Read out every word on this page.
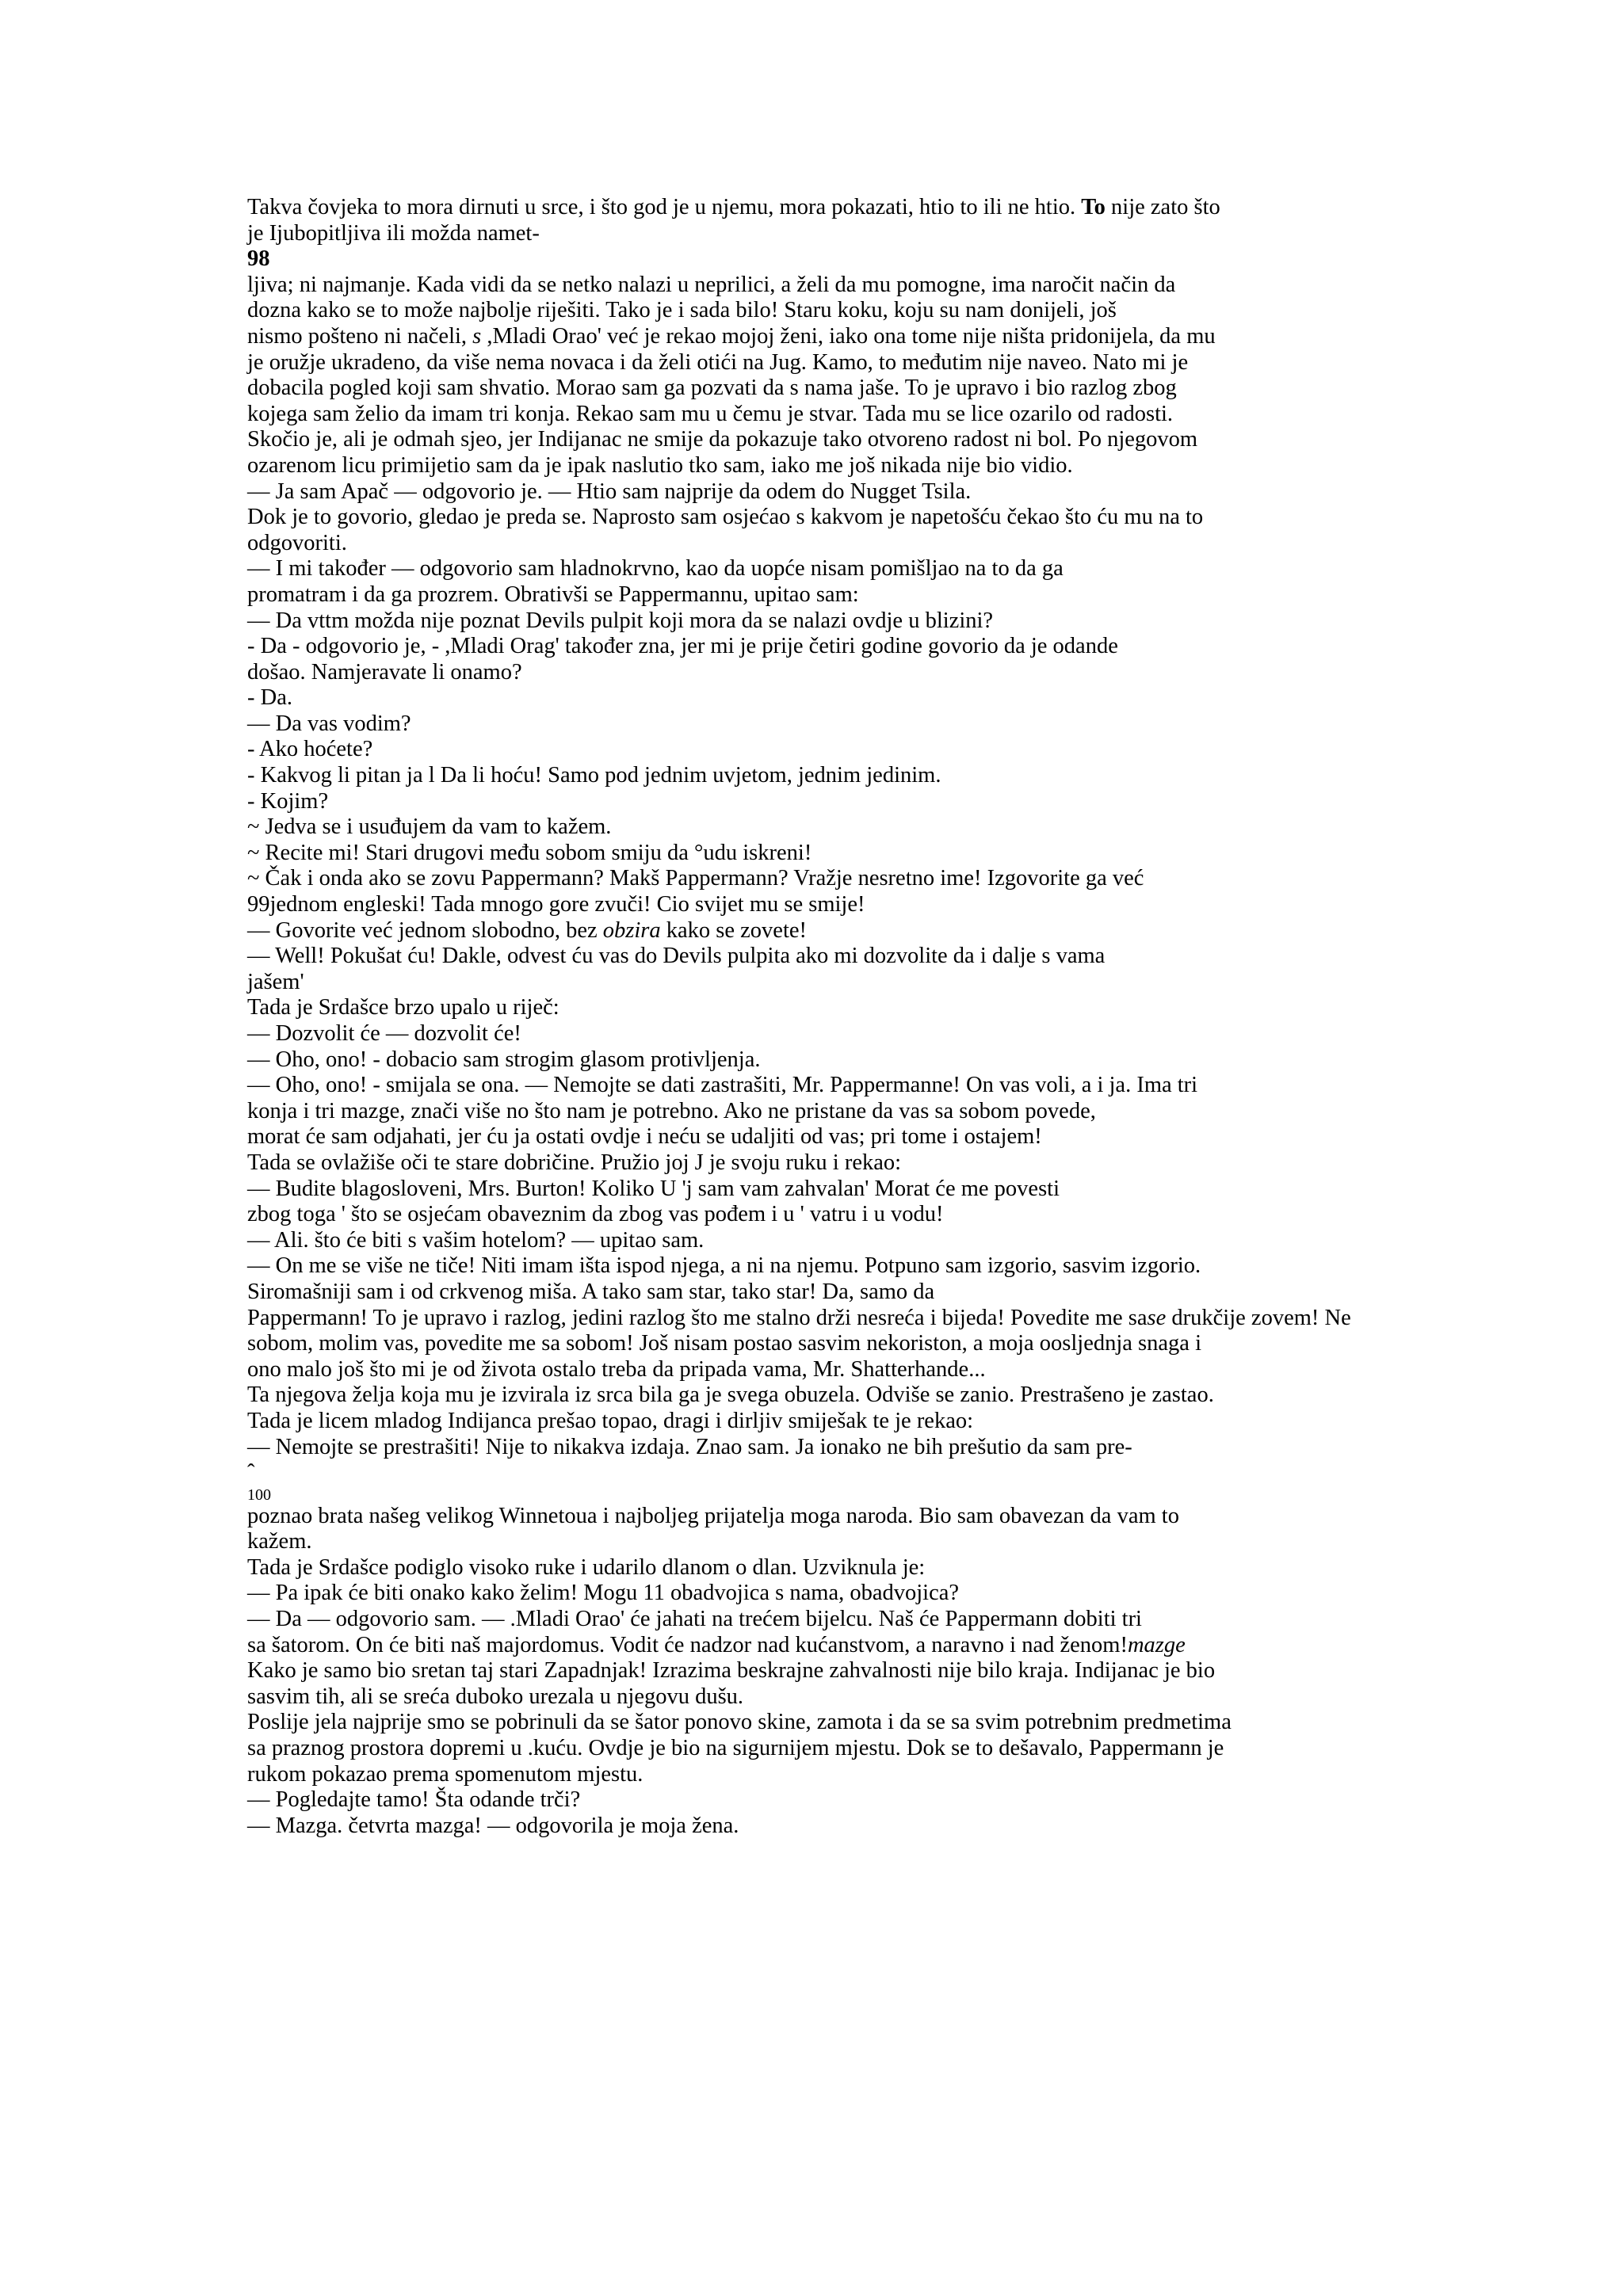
Takva čovjeka to mora dirnuti u srce, i što god je u njemu, mora pokazati, htio to ili ne htio. To nije zato što
je Ijubopitljiva ili možda namet-
98
ljiva; ni najmanje. Kada vidi da se netko nalazi u neprilici, a želi da mu pomogne, ima naročit način da
dozna kako se to može najbolje riješiti. Tako je i sada bilo! Staru koku, koju su nam donijeli, još
nismo pošteno ni načeli, s ,Mladi Orao' već je rekao mojoj ženi, iako ona tome nije ništa pridonijela, da mu
je oružje ukradeno, da više nema novaca i da želi otići na Jug. Kamo, to međutim nije naveo. Nato mi je
dobacila pogled koji sam shvatio. Morao sam ga pozvati da s nama jaše. To je upravo i bio razlog zbog
kojega sam želio da imam tri konja. Rekao sam mu u čemu je stvar. Tada mu se lice ozarilo od radosti.
Skočio je, ali je odmah sjeo, jer Indijanac ne smije da pokazuje tako otvoreno radost ni bol. Po njegovom
ozarenom licu primijetio sam da je ipak naslutio tko sam, iako me još nikada nije bio vidio.
— Ja sam Apač — odgovorio je. — Htio sam najprije da odem do Nugget Tsila.
Dok je to govorio, gledao je preda se. Naprosto sam osjećao s kakvom je napetošću čekao što ću mu na to
odgovoriti.
— I mi također — odgovorio sam hladnokrvno, kao da uopće nisam pomišljao na to da ga
promatram i da ga prozrem. Obrativši se Pappermannu, upitao sam:
— Da vttm možda nije poznat Devils pulpit koji mora da se nalazi ovdje u blizini?
- Da - odgovorio je, - ,Mladi Orag' također zna, jer mi je prije četiri godine govorio da je odande
došao. Namjeravate li onamo?
- Da.
— Da vas vodim?
- Ako hoćete?
- Kakvog li pitan ja l Da li hoću! Samo pod jednim uvjetom, jednim jedinim.
- Kojim?
~ Jedva se i usuđujem da vam to kažem.
~ Recite mi! Stari drugovi među sobom smiju da °udu iskreni!
~ Čak i onda ako se zovu Pappermann? Makš Pappermann? Vražje nesretno ime! Izgovorite ga već
99jednom engleski! Tada mnogo gore zvuči! Cio svijet mu se smije!
— Govorite već jednom slobodno, bez obzira kako se zovete!
— Well! Pokušat ću! Dakle, odvest ću vas do Devils pulpita ako mi dozvolite da i dalje s vama
jašem'
Tada je Srdašce brzo upalo u riječ:
— Dozvolit će — dozvolit će!
— Oho, ono! - dobacio sam strogim glasom protivljenja.
— Oho, ono! - smijala se ona. — Nemojte se dati zastrašiti, Mr. Pappermanne! On vas voli, a i ja. Ima tri
konja i tri mazge, znači više no što nam je potrebno. Ako ne pristane da vas sa sobom povede,
morat će sam odjahati, jer ću ja ostati ovdje i neću se udaljiti od vas; pri tome i ostajem!
Tada se ovlažiše oči te stare dobričine. Pružio joj J je svoju ruku i rekao:
— Budite blagoslovenі, Mrs. Burton! Koliko U 'j sam vam zahvalan' Morat će me povesti
zbog toga ' što se osjećam obaveznim da zbog vas pođem i u ' vatru i u vodu!
— Ali. što će biti s vašim hotelom? — upitao sam.
— On me se više ne tiče! Niti imam išta ispod njega, a ni na njemu. Potpuno sam izgorio, sasvim izgorio.
Siromašniji sam i od crkvenog miša. A tako sam star, tako star! Da, samo da
Pappermann! To je upravo i razlog, jedini razlog što me stalno drži nesreća i bijeda! Povedite me sase drukčije zovem! Ne
sobom, molim vas, povedite me sa sobom! Još nisam postao sasvim nekoriston, a moja oosljednja snaga i
ono malo još što mi je od života ostalo treba da pripada vama, Mr. Shatterhande...
Ta njegova želja koja mu je izvirala iz srca bila ga je svega obuzela. Odviše se zanio. Prestrašeno je zastao.
Tada je licem mladog Indijanca prešao topao, dragi i dirljiv smiješak te je rekao:
— Nemojte se prestrašiti! Nije to nikakva izdaja. Znao sam. Ja ionako ne bih prešutio da sam pre-
ˆ
100
poznao brata našeg velikog Winnetoua i najboljeg prijatelja moga naroda. Bio sam obavezan da vam to
kažem.
Tada je Srdašce podiglo visoko ruke i udarilo dlanom o dlan. Uzviknula je:
— Pa ipak će biti onako kako želim! Mogu 11 obadvojica s nama, obadvojica?
— Da — odgovorio sam. — .Mladi Orao' će jahati na trećem bijelcu. Naš će Pappermann dobiti tri
sa šatorom. On će biti naš majordomus. Vodit će nadzor nad kućanstvom, a naravno i nad ženom!mazge
Kako je samo bio sretan taj stari Zapadnjak! Izrazima beskrajne zahvalnosti nije bilo kraja. Indijanac je bio
sasvim tih, ali se sreća duboko urezala u njegovu dušu.
Poslije jela najprije smo se pobrinuli da se šator ponovo skine, zamota i da se sa svim potrebnim predmetima
sa praznog prostora dopremi u .kuću. Ovdje je bio na sigurnijem mjestu. Dok se to dešavalo, Pappermann je
rukom pokazao prema spomenutom mjestu.
— Pogledajte tamo! Šta odande trči?
— Mazga. četvrta mazga! — odgovorila je moja žena.
